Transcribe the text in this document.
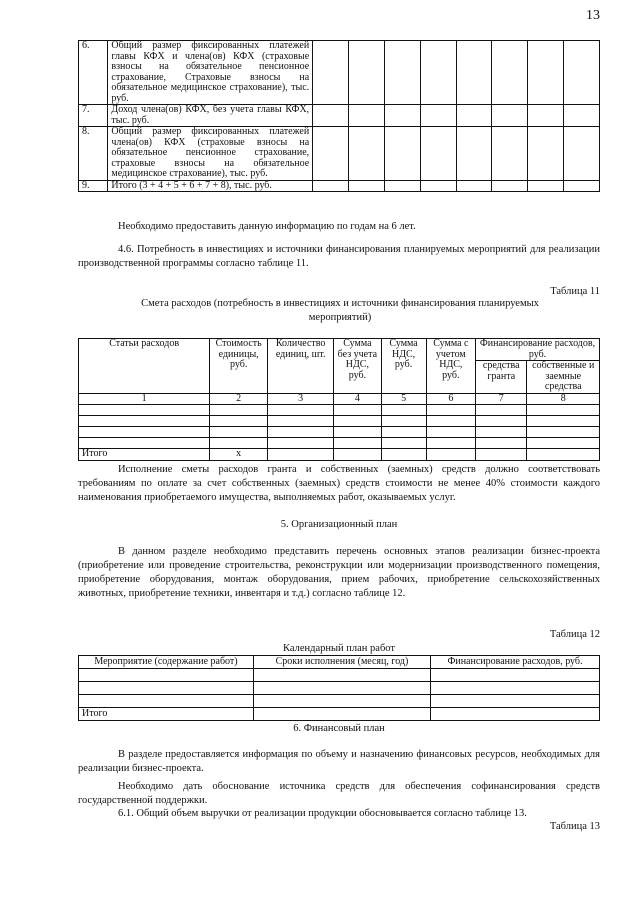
13
6.	Общий размер фиксированных платежей главы КФХ и члена(ов) КФХ (страховые взносы на обязательное пенсионное страхование, Страховые взносы на обязательное медицинское страхование), тыс. руб.								
7.	Доход члена(ов) КФХ, без учета главы КФХ, тыс. руб.								
8.	Общий размер фиксированных платежей члена(ов) КФХ (страховые взносы на обязательное пенсионное страхование, страховые взносы на обязательное медицинское страхование), тыс. руб.								
9.	Итого (3 + 4 + 5 + 6 + 7 + 8), тыс. руб.								

Необходимо предоставить данную информацию по годам на 6 лет.

4.6. Потребность в инвестициях и источники финансирования планируемых мероприятий для реализации производственной программы согласно таблице 11.

Таблица 11

Смета расходов (потребность в инвестициях и источники финансирования планируемых мероприятий)

Статьи расходов	Стоимость единицы, руб.	Количество единиц, шт.	Сумма без учета НДС, руб.	Сумма НДС, руб.	Сумма с учетом НДС, руб.	Финансирование расходов, руб.	
						средства гранта	собственные и заемные средства
1	2	3	4	5	6	7	8

Итого	х						

Исполнение сметы расходов гранта и собственных (заемных) средств должно соответствовать требованиям по оплате за счет собственных (заемных) средств стоимости не менее 40% стоимости каждого наименования приобретаемого имущества, выполняемых работ, оказываемых услуг.

5. Организационный план

В данном разделе необходимо представить перечень основных этапов реализации бизнес-проекта (приобретение или проведение строительства, реконструкции или модернизации производственного помещения, приобретение оборудования, монтаж оборудования, прием рабочих, приобретение сельскохозяйственных животных, приобретение техники, инвентаря и т.д.) согласно таблице 12.

Таблица 12

Календарный план работ

Мероприятие (содержание работ)	Сроки исполнения (месяц, год)	Финансирование расходов, руб.

Итого		

6. Финансовый план

В разделе предоставляется информация по объему и назначению финансовых ресурсов, необходимых для реализации бизнес-проекта.

Необходимо дать обоснование источника средств для обеспечения софинансирования средств государственной поддержки.

6.1. Общий объем выручки от реализации продукции обосновывается согласно таблице 13.

Таблица 13
